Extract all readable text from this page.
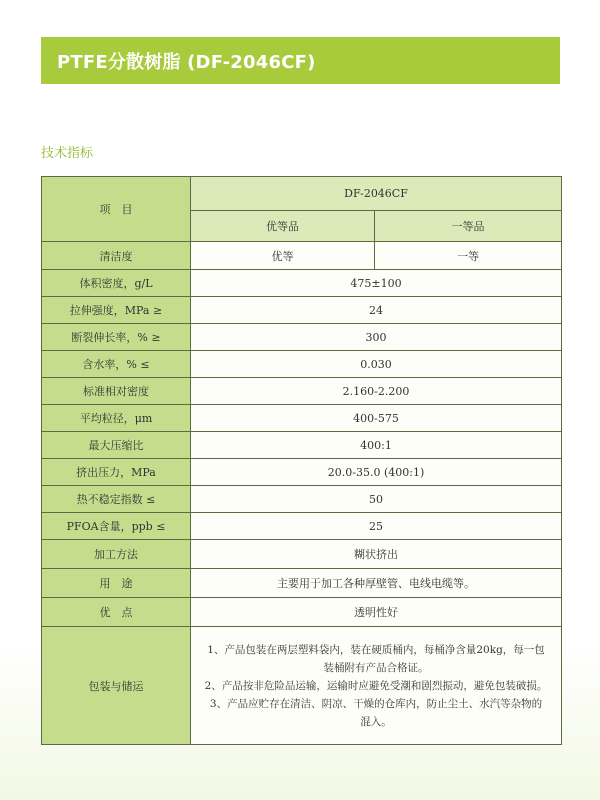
PTFE分散树脂 (DF-2046CF)
技术指标
项　目	DF-2046CF	
	优等品	一等品
清洁度	优等	一等
体积密度，g/L	475±100	
拉伸强度，MPa ≥	24	
断裂伸长率，% ≥	300	
含水率，% ≤	0.030	
标准相对密度	2.160-2.200	
平均粒径，μm	400-575	
最大压缩比	400:1	
挤出压力，MPa	20.0-35.0 (400:1)	
热不稳定指数 ≤	50	
PFOA含量，ppb ≤	25	
加工方法	糊状挤出	
用　途	主要用于加工各种厚壁管、电线电缆等。	
优　点	透明性好	
包装与储运	1、产品包装在两层塑料袋内，装在硬质桶内，每桶净含量20kg，每一包
装桶附有产品合格证。
2、产品按非危险品运输，运输时应避免受潮和剧烈振动，避免包装破损。
3、产品应贮存在清洁、阴凉、干燥的仓库内，防止尘土、水汽等杂物的
混入。	
